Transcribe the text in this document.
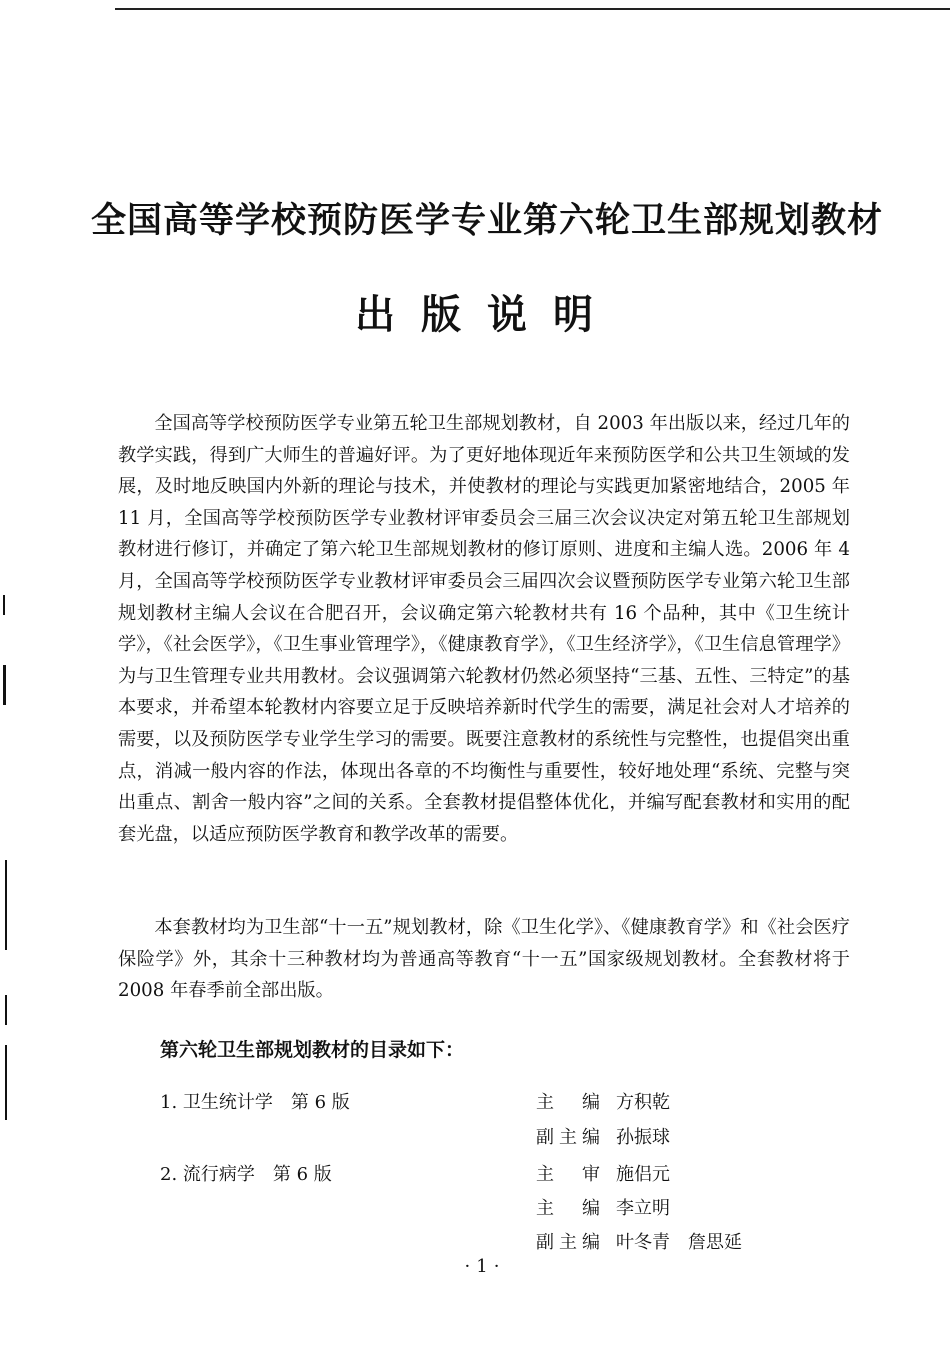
全国高等学校预防医学专业第六轮卫生部规划教材
出版说明

全国高等学校预防医学专业第五轮卫生部规划教材，自 2003 年出版以来，经过几年的教学实践，得到广大师生的普遍好评。为了更好地体现近年来预防医学和公共卫生领域的发展，及时地反映国内外新的理论与技术，并使教材的理论与实践更加紧密地结合，2005 年 11 月，全国高等学校预防医学专业教材评审委员会三届三次会议决定对第五轮卫生部规划教材进行修订，并确定了第六轮卫生部规划教材的修订原则、进度和主编人选。2006 年 4 月，全国高等学校预防医学专业教材评审委员会三届四次会议暨预防医学专业第六轮卫生部规划教材主编人会议在合肥召开，会议确定第六轮教材共有 16 个品种，其中《卫生统计学》，《社会医学》，《卫生事业管理学》，《健康教育学》，《卫生经济学》，《卫生信息管理学》为与卫生管理专业共用教材。会议强调第六轮教材仍然必须坚持“三基、五性、三特定”的基本要求，并希望本轮教材内容要立足于反映培养新时代学生的需要，满足社会对人才培养的需要，以及预防医学专业学生学习的需要。既要注意教材的系统性与完整性，也提倡突出重点，消减一般内容的作法，体现出各章的不均衡性与重要性，较好地处理“系统、完整与突出重点、割舍一般内容”之间的关系。全套教材提倡整体优化，并编写配套教材和实用的配套光盘，以适应预防医学教育和教学改革的需要。

本套教材均为卫生部“十一五”规划教材，除《卫生化学》、《健康教育学》和《社会医疗保险学》外，其余十三种教材均为普通高等教育“十一五”国家级规划教材。全套教材将于 2008 年春季前全部出版。

第六轮卫生部规划教材的目录如下：
1. 卫生统计学　第 6 版	主编 方积乾
副主编 孙振球
2. 流行病学　第 6 版	主审 施侣元
主编 李立明
副主编 叶冬青　詹思延
·1·
